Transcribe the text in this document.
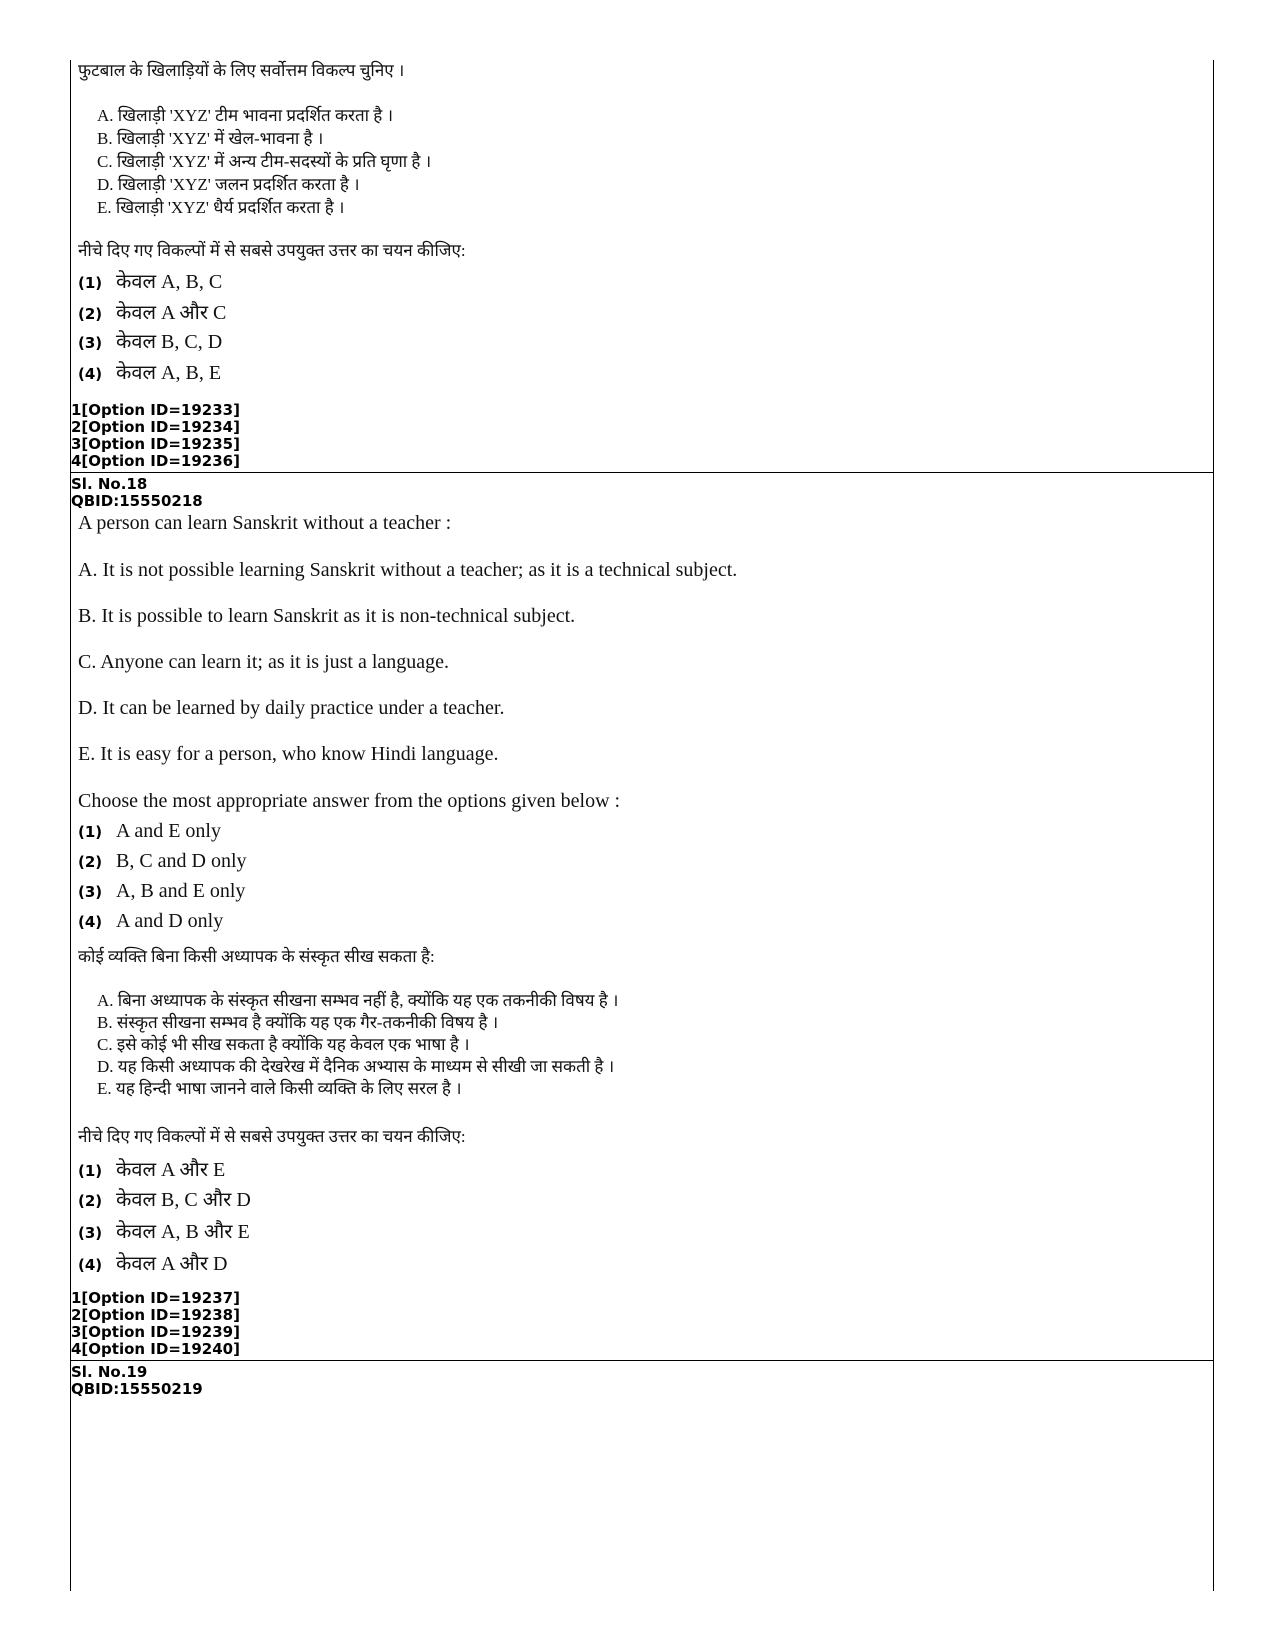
फुटबाल के खिलाड़ियों के लिए सर्वोत्तम विकल्प चुनिए ।
A. खिलाड़ी 'XYZ' टीम भावना प्रदर्शित करता है ।
B. खिलाड़ी 'XYZ' में खेल-भावना है ।
C. खिलाड़ी 'XYZ' में अन्य टीम-सदस्यों के प्रति घृणा है ।
D. खिलाड़ी 'XYZ' जलन प्रदर्शित करता है ।
E. खिलाड़ी 'XYZ' धैर्य प्रदर्शित करता है ।
नीचे दिए गए विकल्पों में से सबसे उपयुक्त उत्तर का चयन कीजिए:
(1) केवल A, B, C
(2) केवल A और C
(3) केवल B, C, D
(4) केवल A, B, E
1[Option ID=19233]
2[Option ID=19234]
3[Option ID=19235]
4[Option ID=19236]
Sl. No.18
QBID:15550218
A person can learn Sanskrit without a teacher :
A. It is not possible learning Sanskrit without a teacher; as it is a technical subject.
B. It is possible to learn Sanskrit as it is non-technical subject.
C. Anyone can learn it; as it is just a language.
D. It can be learned by daily practice under a teacher.
E. It is easy for a person, who know Hindi language.
Choose the most appropriate answer from the options given below :
(1) A and E only
(2) B, C and D only
(3) A, B and E only
(4) A and D only
कोई व्यक्ति बिना किसी अध्यापक के संस्कृत सीख सकता है:
A. बिना अध्यापक के संस्कृत सीखना सम्भव नहीं है, क्योंकि यह एक तकनीकी विषय है ।
B. संस्कृत सीखना सम्भव है क्योंकि यह एक गैर-तकनीकी विषय है ।
C. इसे कोई भी सीख सकता है क्योंकि यह केवल एक भाषा है ।
D. यह किसी अध्यापक की देखरेख में दैनिक अभ्यास के माध्यम से सीखी जा सकती है ।
E. यह हिन्दी भाषा जानने वाले किसी व्यक्ति के लिए सरल है ।
नीचे दिए गए विकल्पों में से सबसे उपयुक्त उत्तर का चयन कीजिए:
(1) केवल A और E
(2) केवल B, C और D
(3) केवल A, B और E
(4) केवल A और D
1[Option ID=19237]
2[Option ID=19238]
3[Option ID=19239]
4[Option ID=19240]
Sl. No.19
QBID:15550219
